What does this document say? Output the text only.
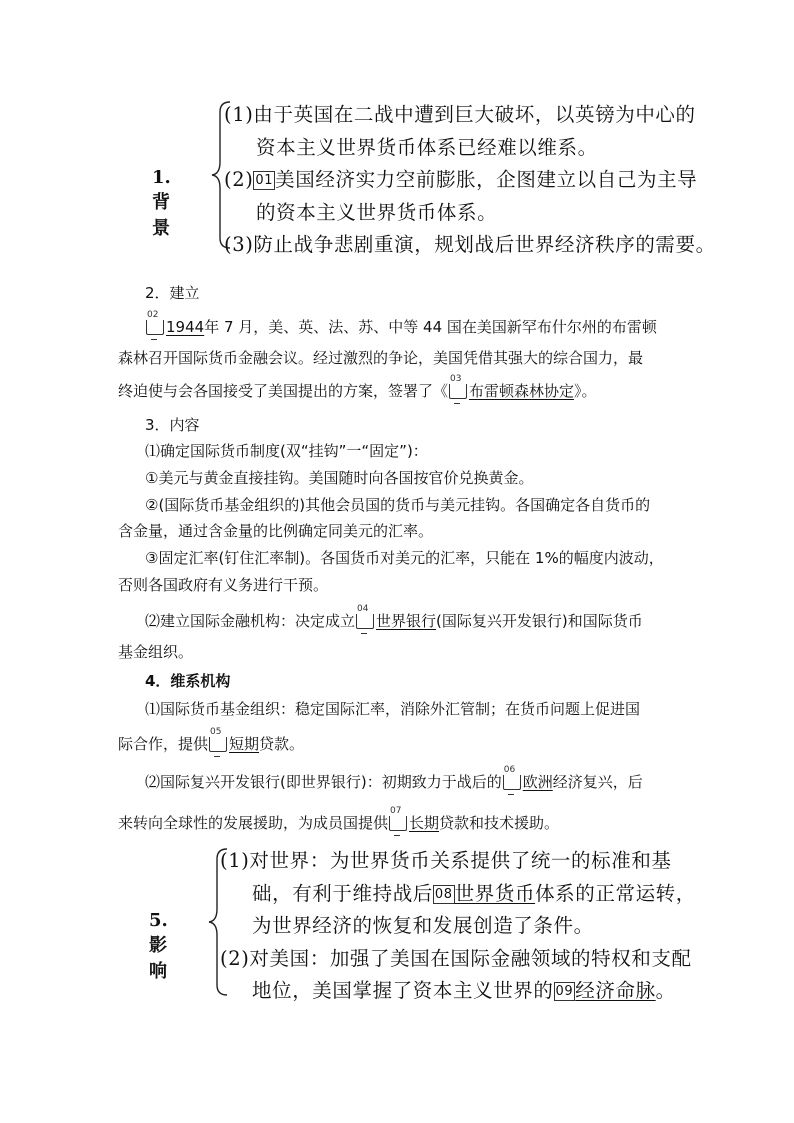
1.背景
(1)由于英国在二战中遭到巨大破坏，以英镑为中心的
资本主义世界货币体系已经难以维系。
(2) 01 美国经济实力空前膨胀，企图建立以自己为主导
的资本主义世界货币体系。
(3)防止战争悲剧重演，规划战后世界经济秩序的需要。
2．建立
02
1944年 7 月，美、英、法、苏、中等 44 国在美国新罕布什尔州的布雷顿
森林召开国际货币金融会议。经过激烈的争论，美国凭借其强大的综合国力，最
终迫使与会各国接受了美国提出的方案，签署了《
03
布雷顿森林协定》。
3．内容
⑴确定国际货币制度(双“挂钩”一“固定”)：
①美元与黄金直接挂钩。美国随时向各国按官价兑换黄金。
②(国际货币基金组织的)其他会员国的货币与美元挂钩。各国确定各自货币的
含金量，通过含金量的比例确定同美元的汇率。
③固定汇率(钉住汇率制)。各国货币对美元的汇率，只能在 1%的幅度内波动，
否则各国政府有义务进行干预。
⑵建立国际金融机构：决定成立
04
世界银行(国际复兴开发银行)和国际货币
基金组织。
4．维系机构
⑴国际货币基金组织：稳定国际汇率，消除外汇管制；在货币问题上促进国
际合作，提供
05
短期贷款。
⑵国际复兴开发银行(即世界银行)：初期致力于战后的
06
欧洲经济复兴，后
来转向全球性的发展援助，为成员国提供
07
长期贷款和技术援助。
5.影响
(1)对世界：为世界货币关系提供了统一的标准和基
础，有利于维持战后 08 世界货币体系的正常运转，
为世界经济的恢复和发展创造了条件。
(2)对美国：加强了美国在国际金融领域的特权和支配
地位，美国掌握了资本主义世界的 09 经济命脉。
